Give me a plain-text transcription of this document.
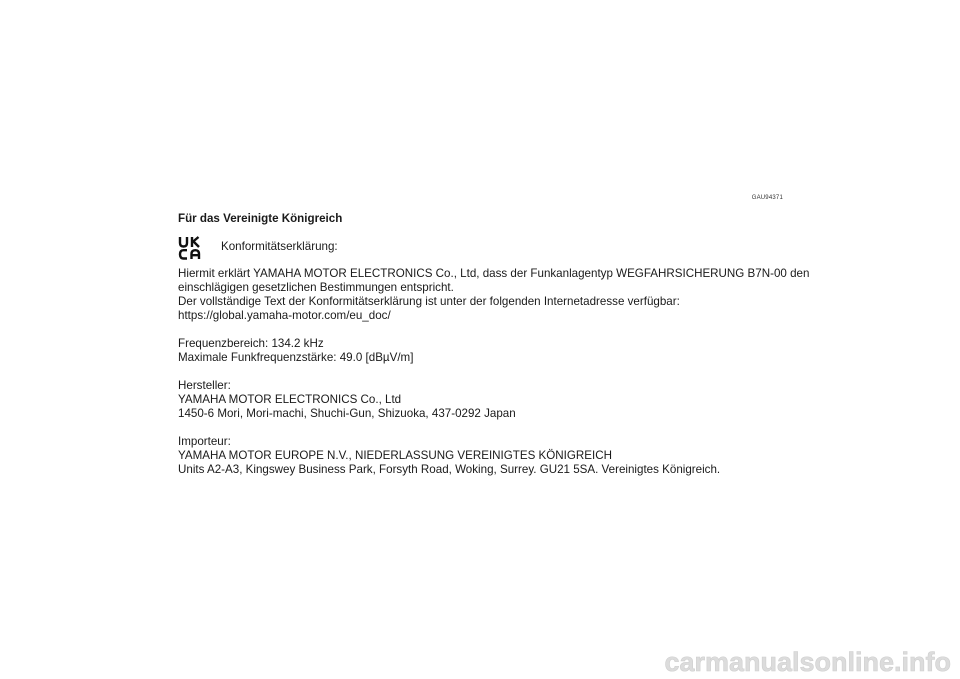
GAU94371
Für das Vereinigte Königreich
Konformitätserklärung:
Hiermit erklärt YAMAHA MOTOR ELECTRONICS Co., Ltd, dass der Funkanlagentyp WEGFAHRSICHERUNG B7N-00 den
einschlägigen gesetzlichen Bestimmungen entspricht.
Der vollständige Text der Konformitätserklärung ist unter der folgenden Internetadresse verfügbar:
https://global.yamaha-motor.com/eu_doc/
Frequenzbereich: 134.2 kHz
Maximale Funkfrequenzstärke: 49.0 [dBµV/m]
Hersteller:
YAMAHA MOTOR ELECTRONICS Co., Ltd
1450-6 Mori, Mori-machi, Shuchi-Gun, Shizuoka, 437-0292 Japan
Importeur:
YAMAHA MOTOR EUROPE N.V., NIEDERLASSUNG VEREINIGTES KÖNIGREICH
Units A2-A3, Kingswey Business Park, Forsyth Road, Woking, Surrey. GU21 5SA. Vereinigtes Königreich.
carmanualsonline.info
